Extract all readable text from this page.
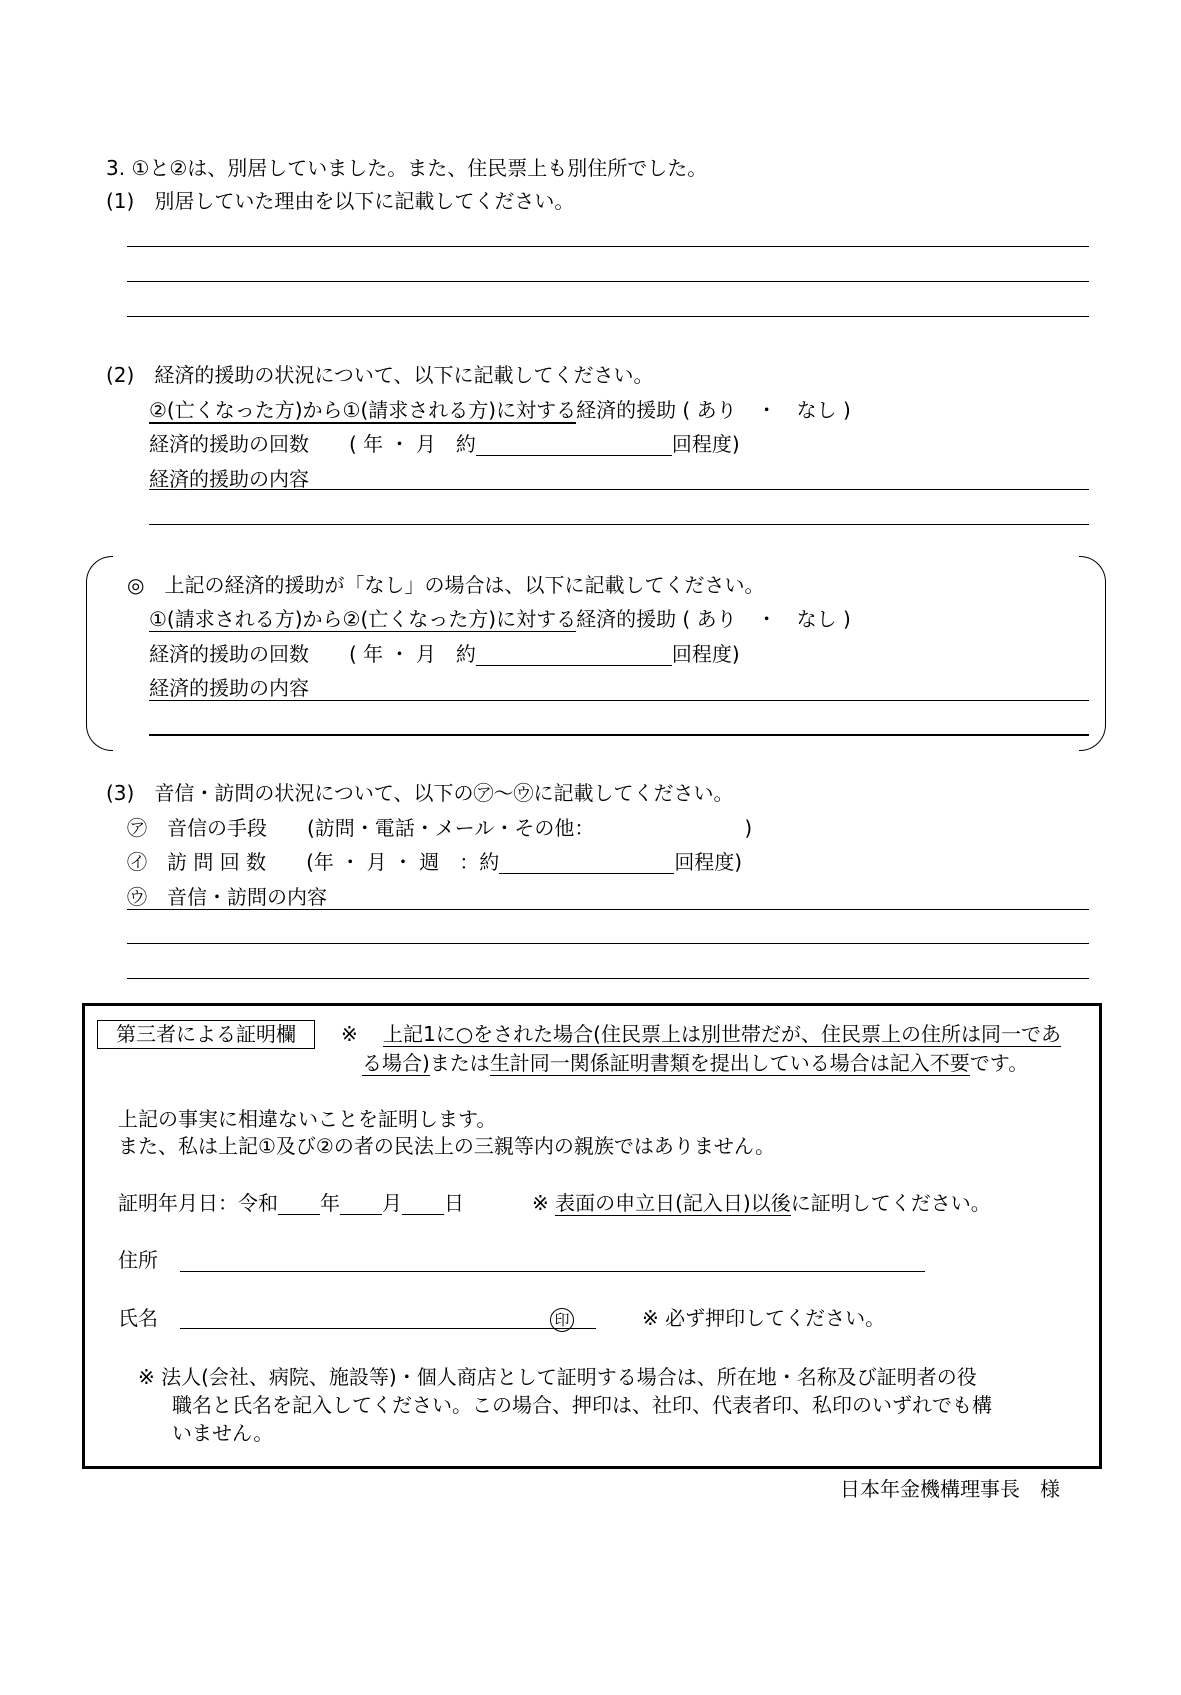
3. ①と②は、別居していました。また、住民票上も別住所でした。
(1)　別居していた理由を以下に記載してください。
(2)　経済的援助の状況について、以下に記載してください。
②(亡くなった方)から①(請求される方)に対する経済的援助 ( あり　・　なし )
経済的援助の回数　　( 年 ・ 月　約	回程度)
経済的援助の内容
◎　上記の経済的援助が「なし」の場合は、以下に記載してください。
①(請求される方)から②(亡くなった方)に対する経済的援助 ( あり　・　なし )
経済的援助の回数　　( 年 ・ 月　約	回程度)
経済的援助の内容
(3)　音信・訪問の状況について、以下の㋐～㋒に記載してください。
㋐　音信の手段　　(訪問・電話・メール・その他：　　　　　　　　)
㋑　訪 問 回 数　　(年 ・ 月 ・ 週　：約	回程度)
㋒　音信・訪問の内容
第三者による証明欄	※ 上記1に○をされた場合(住民票上は別世帯だが、住民票上の住所は同一であ
る場合)または生計同一関係証明書類を提出している場合は記入不要です。
上記の事実に相違ないことを証明します。
また、私は上記①及び②の者の民法上の三親等内の親族ではありません。
証明年月日：令和 年 月 日	※ 表面の申立日(記入日)以後に証明してください。
住所
氏名	印	※ 必ず押印してください。
※ 法人(会社、病院、施設等)・個人商店として証明する場合は、所在地・名称及び証明者の役
職名と氏名を記入してください。この場合、押印は、社印、代表者印、私印のいずれでも構
いません。
日本年金機構理事長　様
